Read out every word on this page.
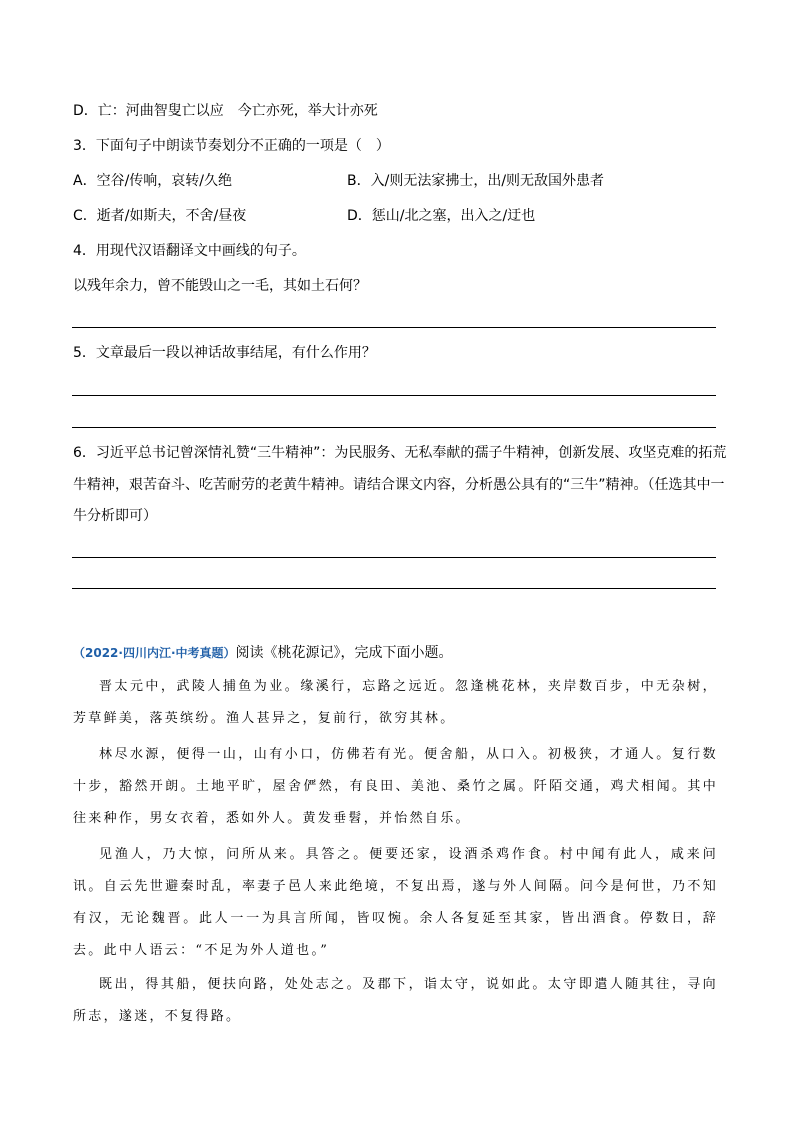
D．亡：河曲智叟亡以应　今亡亦死，举大计亦死
3．下面句子中朗读节奏划分不正确的一项是（　）
A．空谷/传响，哀转/久绝	B．入/则无法家拂士，出/则无敌国外患者
C．逝者/如斯夫，不舍/昼夜	D．惩山/北之塞，出入之/迂也
4．用现代汉语翻译文中画线的句子。
以残年余力，曾不能毁山之一毛，其如土石何？
5．文章最后一段以神话故事结尾，有什么作用？
6．习近平总书记曾深情礼赞“三牛精神”：为民服务、无私奉献的孺子牛精神，创新发展、攻坚克难的拓荒
牛精神，艰苦奋斗、吃苦耐劳的老黄牛精神。请结合课文内容，分析愚公具有的“三牛”精神。（任选其中一
牛分析即可）
（2022·四川内江·中考真题）阅读《桃花源记》，完成下面小题。
晋太元中，武陵人捕鱼为业。缘溪行，忘路之远近。忽逢桃花林，夹岸数百步，中无杂树，芳草鲜美，落英缤纷。渔人甚异之，复前行，欲穷其林。
林尽水源，便得一山，山有小口，仿佛若有光。便舍船，从口入。初极狭，才通人。复行数十步，豁然开朗。土地平旷，屋舍俨然，有良田、美池、桑竹之属。阡陌交通，鸡犬相闻。其中往来种作，男女衣着，悉如外人。黄发垂髫，并怡然自乐。
见渔人，乃大惊，问所从来。具答之。便要还家，设酒杀鸡作食。村中闻有此人，咸来问讯。自云先世避秦时乱，率妻子邑人来此绝境，不复出焉，遂与外人间隔。问今是何世，乃不知有汉，无论魏晋。此人一一为具言所闻，皆叹惋。余人各复延至其家，皆出酒食。停数日，辞去。此中人语云：“不足为外人道也。”
既出，得其船，便扶向路，处处志之。及郡下，诣太守，说如此。太守即遣人随其往，寻向所志，遂迷，不复得路。
